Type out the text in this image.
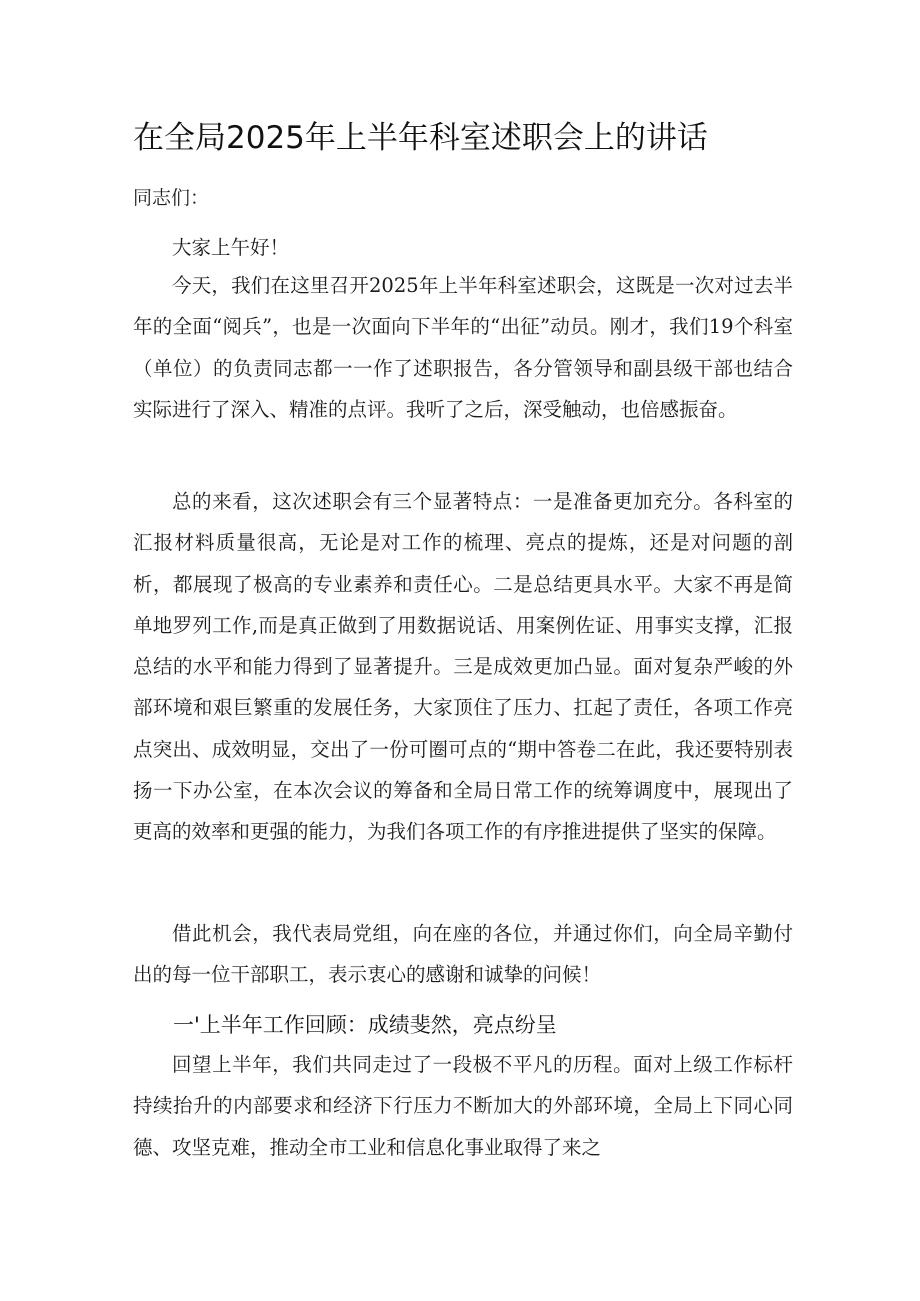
在全局2025年上半年科室述职会上的讲话

同志们：

大家上午好！

今天，我们在这里召开2025年上半年科室述职会，这既是一次对过去半年的全面“阅兵”，也是一次面向下半年的“出征”动员。刚才，我们19个科室（单位）的负责同志都一一作了述职报告，各分管领导和副县级干部也结合实际进行了深入、精准的点评。我听了之后，深受触动，也倍感振奋。

总的来看，这次述职会有三个显著特点：一是准备更加充分。各科室的汇报材料质量很高，无论是对工作的梳理、亮点的提炼，还是对问题的剖析，都展现了极高的专业素养和责任心。二是总结更具水平。大家不再是简单地罗列工作,而是真正做到了用数据说话、用案例佐证、用事实支撑，汇报总结的水平和能力得到了显著提升。三是成效更加凸显。面对复杂严峻的外部环境和艰巨繁重的发展任务，大家顶住了压力、扛起了责任，各项工作亮点突出、成效明显，交出了一份可圈可点的“期中答卷二在此，我还要特别表扬一下办公室，在本次会议的筹备和全局日常工作的统筹调度中，展现出了更高的效率和更强的能力，为我们各项工作的有序推进提供了坚实的保障。

借此机会，我代表局党组，向在座的各位，并通过你们，向全局辛勤付出的每一位干部职工，表示衷心的感谢和诚挚的问候！

一'上半年工作回顾：成绩斐然，亮点纷呈

回望上半年，我们共同走过了一段极不平凡的历程。面对上级工作标杆持续抬升的内部要求和经济下行压力不断加大的外部环境，全局上下同心同德、攻坚克难，推动全市工业和信息化事业取得了来之
